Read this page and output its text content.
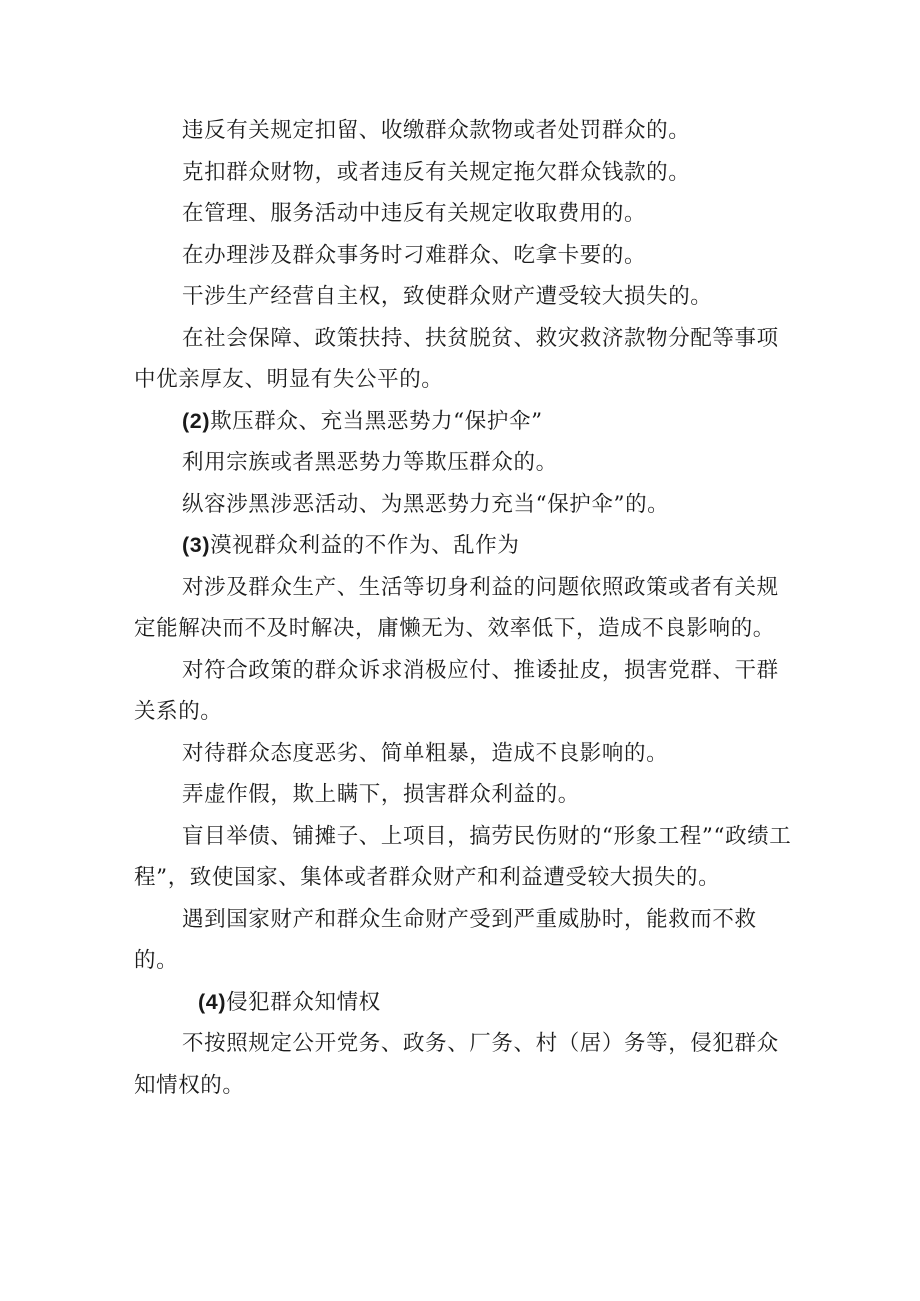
违反有关规定扣留、收缴群众款物或者处罚群众的。

克扣群众财物，或者违反有关规定拖欠群众钱款的。

在管理、服务活动中违反有关规定收取费用的。

在办理涉及群众事务时刁难群众、吃拿卡要的。

干涉生产经营自主权，致使群众财产遭受较大损失的。

在社会保障、政策扶持、扶贫脱贫、救灾救济款物分配等事项中优亲厚友、明显有失公平的。

(2)欺压群众、充当黑恶势力“保护伞”

利用宗族或者黑恶势力等欺压群众的。

纵容涉黑涉恶活动、为黑恶势力充当“保护伞”的。

(3)漠视群众利益的不作为、乱作为

对涉及群众生产、生活等切身利益的问题依照政策或者有关规定能解决而不及时解决，庸懒无为、效率低下，造成不良影响的。

对符合政策的群众诉求消极应付、推诿扯皮，损害党群、干群关系的。

对待群众态度恶劣、简单粗暴，造成不良影响的。

弄虚作假，欺上瞒下，损害群众利益的。

盲目举债、铺摊子、上项目，搞劳民伤财的“形象工程”“政绩工程”，致使国家、集体或者群众财产和利益遭受较大损失的。

遇到国家财产和群众生命财产受到严重威胁时，能救而不救的。

(4)侵犯群众知情权

不按照规定公开党务、政务、厂务、村（居）务等，侵犯群众知情权的。
